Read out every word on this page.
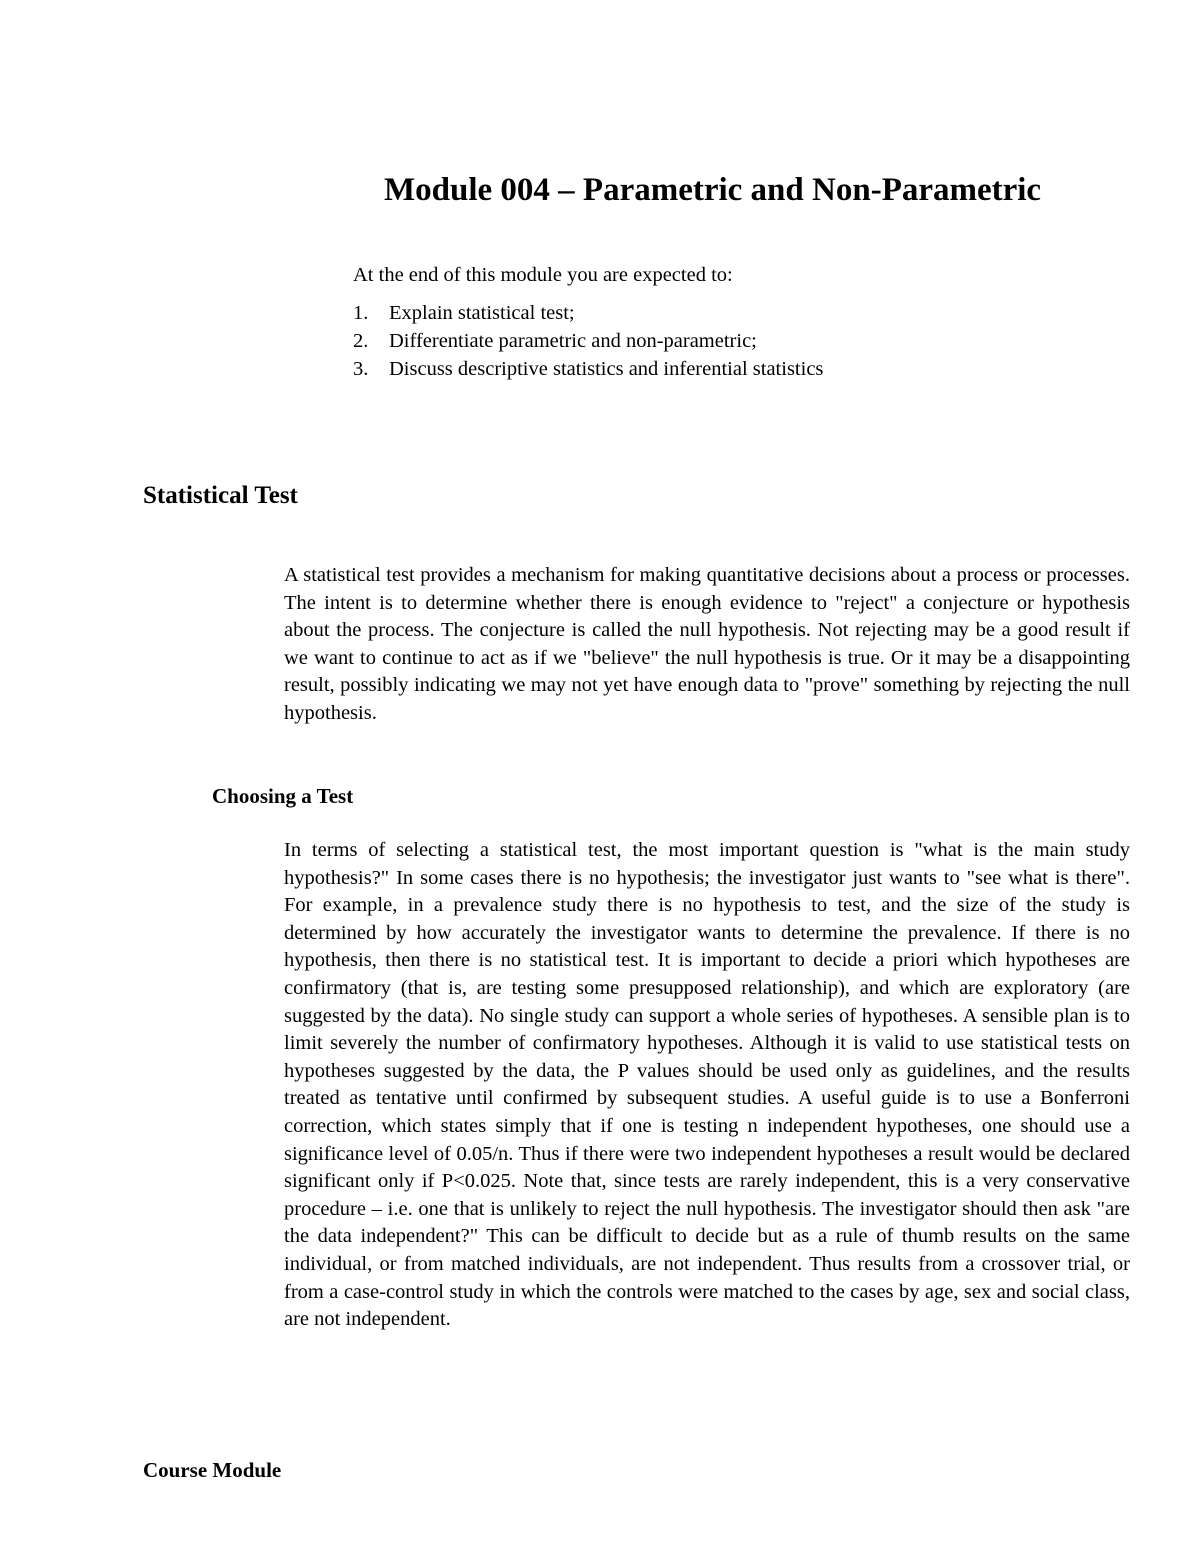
Module 004 – Parametric and Non-Parametric

At the end of this module you are expected to:

1.	Explain statistical test;
2.	Differentiate parametric and non-parametric;
3.	Discuss descriptive statistics and inferential statistics
Statistical Test

A statistical test provides a mechanism for making quantitative decisions about a process or processes. The intent is to determine whether there is enough evidence to "reject" a conjecture or hypothesis about the process. The conjecture is called the null hypothesis. Not rejecting may be a good result if we want to continue to act as if we "believe" the null hypothesis is true. Or it may be a disappointing result, possibly indicating we may not yet have enough data to "prove" something by rejecting the null hypothesis.

Choosing a Test

In terms of selecting a statistical test, the most important question is "what is the main study hypothesis?" In some cases there is no hypothesis; the investigator just wants to "see what is there". For example, in a prevalence study there is no hypothesis to test, and the size of the study is determined by how accurately the investigator wants to determine the prevalence. If there is no hypothesis, then there is no statistical test. It is important to decide a priori which hypotheses are confirmatory (that is, are testing some presupposed relationship), and which are exploratory (are suggested by the data). No single study can support a whole series of hypotheses. A sensible plan is to limit severely the number of confirmatory hypotheses. Although it is valid to use statistical tests on hypotheses suggested by the data, the P values should be used only as guidelines, and the results treated as tentative until confirmed by subsequent studies. A useful guide is to use a Bonferroni correction, which states simply that if one is testing n independent hypotheses, one should use a significance level of 0.05/n. Thus if there were two independent hypotheses a result would be declared significant only if P<0.025. Note that, since tests are rarely independent, this is a very conservative procedure – i.e. one that is unlikely to reject the null hypothesis. The investigator should then ask "are the data independent?" This can be difficult to decide but as a rule of thumb results on the same individual, or from matched individuals, are not independent. Thus results from a crossover trial, or from a case-control study in which the controls were matched to the cases by age, sex and social class, are not independent.

Course Module
